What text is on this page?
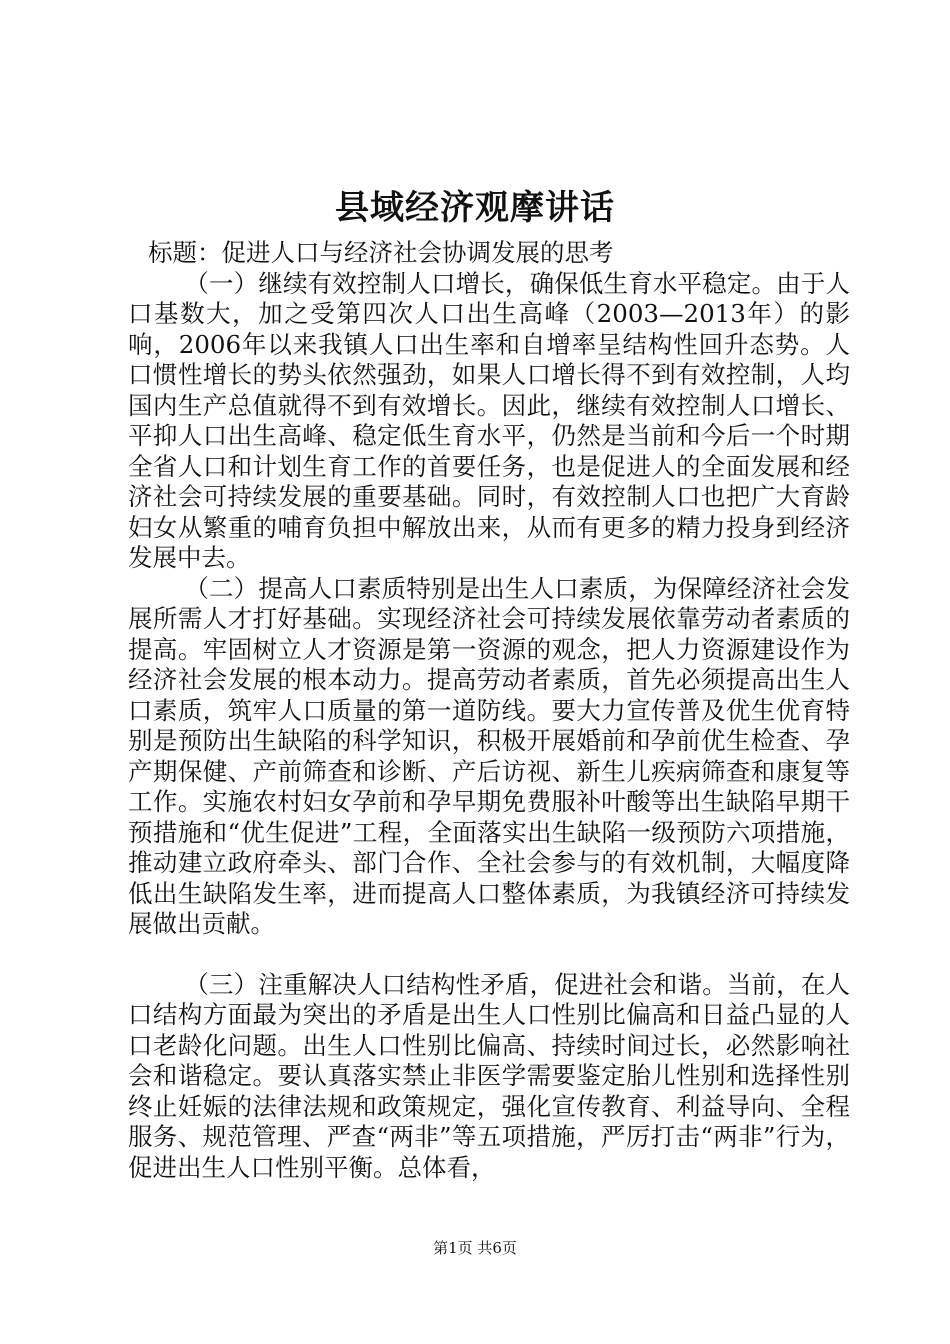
县域经济观摩讲话

标题：促进人口与经济社会协调发展的思考

（一）继续有效控制人口增长，确保低生育水平稳定。由于人口基数大，加之受第四次人口出生高峰（2003—2013年）的影响，2006年以来我镇人口出生率和自增率呈结构性回升态势。人口惯性增长的势头依然强劲，如果人口增长得不到有效控制，人均国内生产总值就得不到有效增长。因此，继续有效控制人口增长、平抑人口出生高峰、稳定低生育水平，仍然是当前和今后一个时期全省人口和计划生育工作的首要任务，也是促进人的全面发展和经济社会可持续发展的重要基础。同时，有效控制人口也把广大育龄妇女从繁重的哺育负担中解放出来，从而有更多的精力投身到经济发展中去。

（二）提高人口素质特别是出生人口素质，为保障经济社会发展所需人才打好基础。实现经济社会可持续发展依靠劳动者素质的提高。牢固树立人才资源是第一资源的观念，把人力资源建设作为经济社会发展的根本动力。提高劳动者素质，首先必须提高出生人口素质，筑牢人口质量的第一道防线。要大力宣传普及优生优育特别是预防出生缺陷的科学知识，积极开展婚前和孕前优生检查、孕产期保健、产前筛查和诊断、产后访视、新生儿疾病筛查和康复等工作。实施农村妇女孕前和孕早期免费服补叶酸等出生缺陷早期干预措施和“优生促进”工程，全面落实出生缺陷一级预防六项措施，推动建立政府牵头、部门合作、全社会参与的有效机制，大幅度降低出生缺陷发生率，进而提高人口整体素质，为我镇经济可持续发展做出贡献。

（三）注重解决人口结构性矛盾，促进社会和谐。当前，在人口结构方面最为突出的矛盾是出生人口性别比偏高和日益凸显的人口老龄化问题。出生人口性别比偏高、持续时间过长，必然影响社会和谐稳定。要认真落实禁止非医学需要鉴定胎儿性别和选择性别终止妊娠的法律法规和政策规定，强化宣传教育、利益导向、全程服务、规范管理、严查“两非”等五项措施，严厉打击“两非”行为，促进出生人口性别平衡。总体看，

第1页 共6页
